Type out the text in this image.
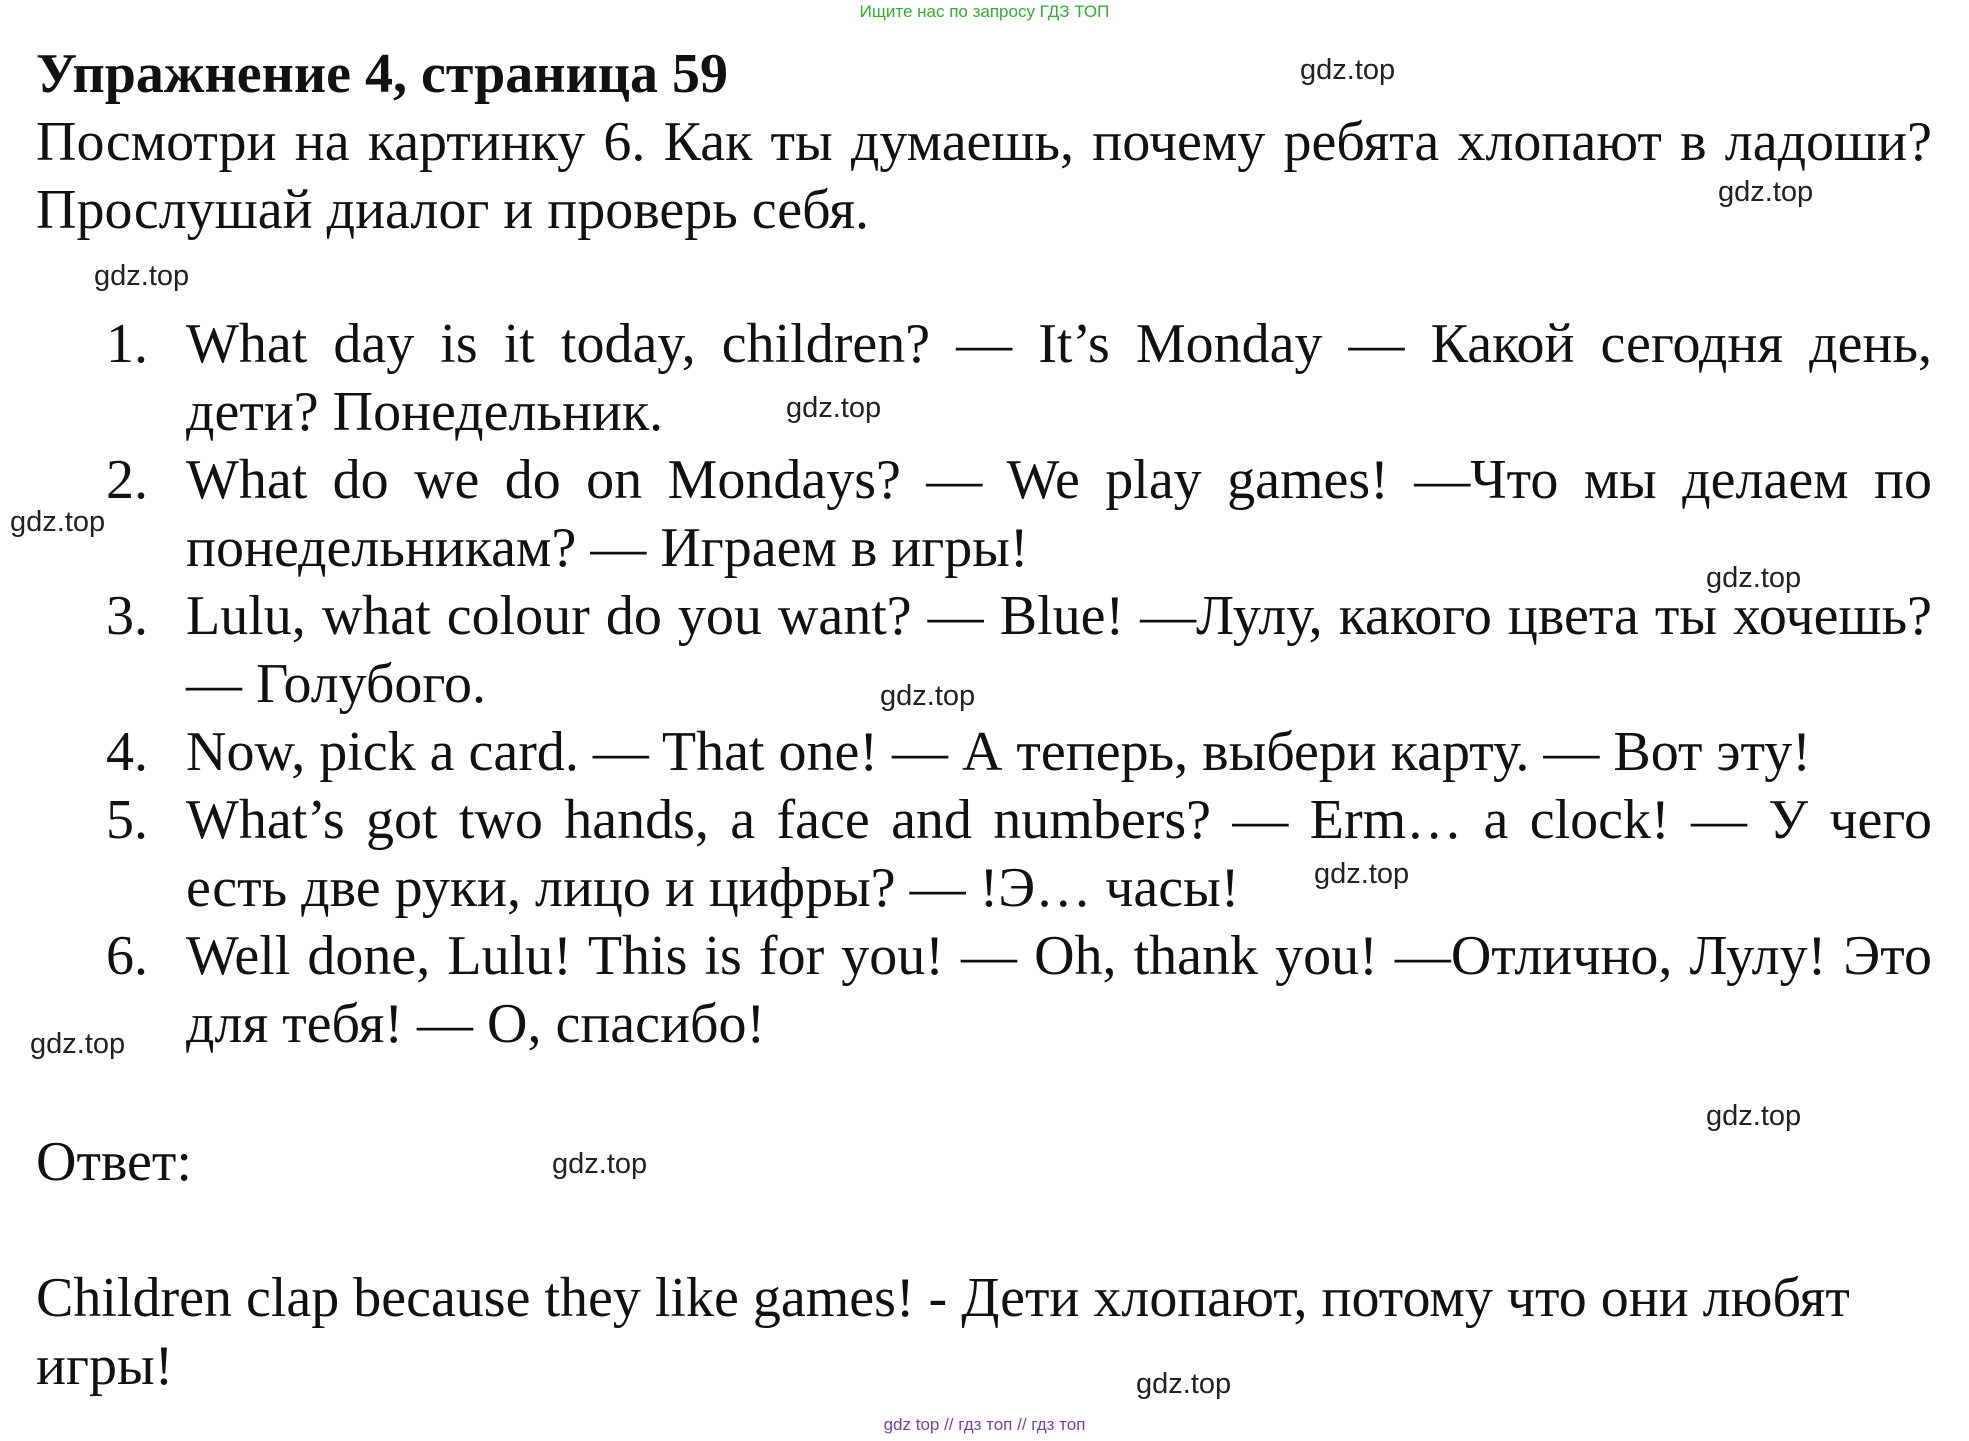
Ищите нас по запросу ГДЗ ТОП
Упражнение 4, страница 59

Посмотри на картинку 6. Как ты думаешь, почему ребята хлопают в ладоши? Прослушай диалог и проверь себя.

1. What day is it today, children? — It’s Monday — Какой сегодня день, дети? Понедельник.
2. What do we do on Mondays? — We play games! —Что мы делаем по понедельникам? — Играем в игры!
3. Lulu, what colour do you want? — Blue! —Лулу, какого цвета ты хочешь? — Голубого.
4. Now, pick a card. — That one! — А теперь, выбери карту. — Вот эту!
5. What’s got two hands, a face and numbers? — Erm… a clock! — У чего есть две руки, лицо и цифры? — !Э… часы!
6. Well done, Lulu! This is for you! — Oh, thank you! —Отлично, Лулу! Это для тебя! — О, спасибо!

Ответ:

Children clap because they like games! - Дети хлопают, потому что они любят игры!

gdz.top
gdz.top
gdz.top
gdz.top
gdz.top
gdz.top
gdz.top
gdz.top
gdz.top
gdz.top
gdz.top
gdz.top
gdz top // гдз топ // гдз топ
